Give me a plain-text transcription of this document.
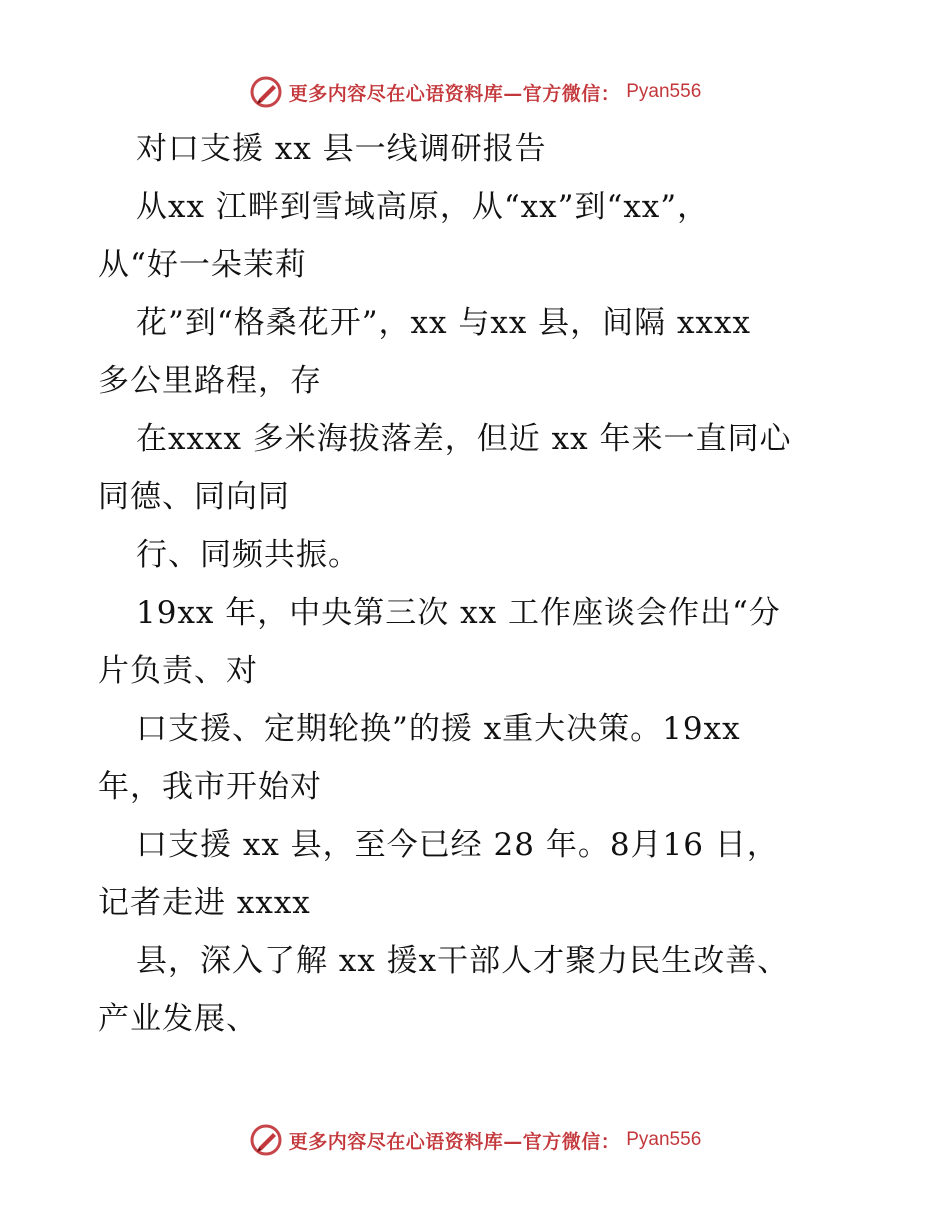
更多内容尽在心语资料库—官方微信： Pyan556
对口支援 xx 县一线调研报告
从xx 江畔到雪域高原，从“xx”到“xx”，
从“好一朵茉莉
花”到“格桑花开”，xx 与xx 县，间隔 xxxx
多公里路程，存
在xxxx 多米海拔落差，但近 xx 年来一直同心
同德、同向同
行、同频共振。
19xx 年，中央第三次 xx 工作座谈会作出“分
片负责、对
口支援、定期轮换”的援 x重大决策。19xx
年，我市开始对
口支援 xx 县，至今已经 28 年。8月16 日，
记者走进 xxxx
县，深入了解 xx 援x干部人才聚力民生改善、
产业发展、
更多内容尽在心语资料库—官方微信： Pyan556
